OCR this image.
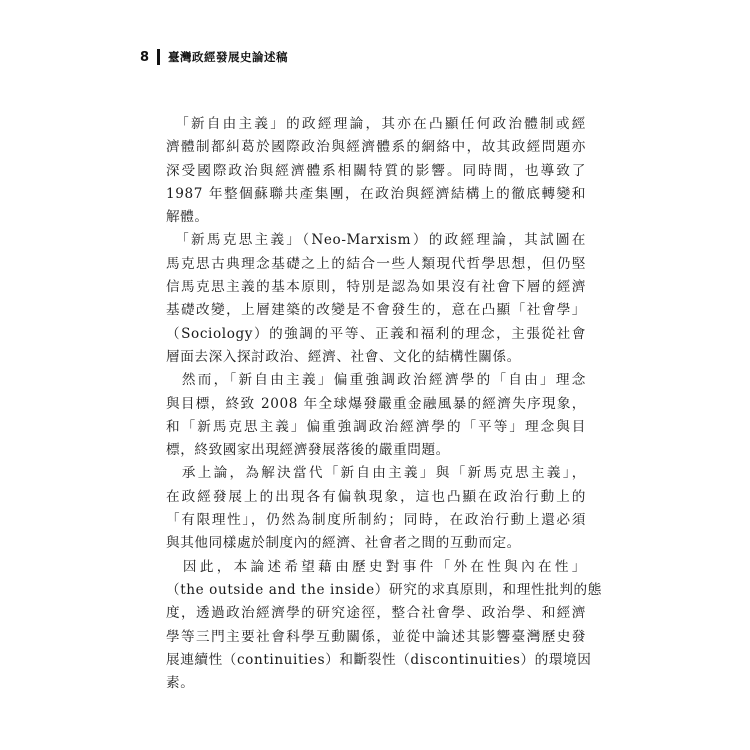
8 臺灣政經發展史論述稿
　「新自由主義」的政經理論，其亦在凸顯任何政治體制或經
濟體制都糾葛於國際政治與經濟體系的網絡中，故其政經問題亦
深受國際政治與經濟體系相關特質的影響。同時間，也導致了
1987 年整個蘇聯共產集團，在政治與經濟結構上的徹底轉變和
解體。
　「新馬克思主義」（Neo-Marxism）的政經理論，其試圖在
馬克思古典理念基礎之上的結合一些人類現代哲學思想，但仍堅
信馬克思主義的基本原則，特別是認為如果沒有社會下層的經濟
基礎改變，上層建築的改變是不會發生的，意在凸顯「社會學」
（Sociology）的強調的平等、正義和福利的理念，主張從社會
層面去深入探討政治、經濟、社會、文化的結構性關係。
　然而，「新自由主義」偏重強調政治經濟學的「自由」理念
與目標，終致 2008 年全球爆發嚴重金融風暴的經濟失序現象，
和「新馬克思主義」偏重強調政治經濟學的「平等」理念與目
標，終致國家出現經濟發展落後的嚴重問題。
　承上論，為解決當代「新自由主義」與「新馬克思主義」，
在政經發展上的出現各有偏執現象，這也凸顯在政治行動上的
「有限理性」，仍然為制度所制約；同時，在政治行動上還必須
與其他同樣處於制度內的經濟、社會者之間的互動而定。
　因此，本論述希望藉由歷史對事件「外在性與內在性」
（the outside and the inside）研究的求真原則，和理性批判的態
度，透過政治經濟學的研究途徑，整合社會學、政治學、和經濟
學等三門主要社會科學互動關係，並從中論述其影響臺灣歷史發
展連續性（continuities）和斷裂性（discontinuities）的環境因
素。
